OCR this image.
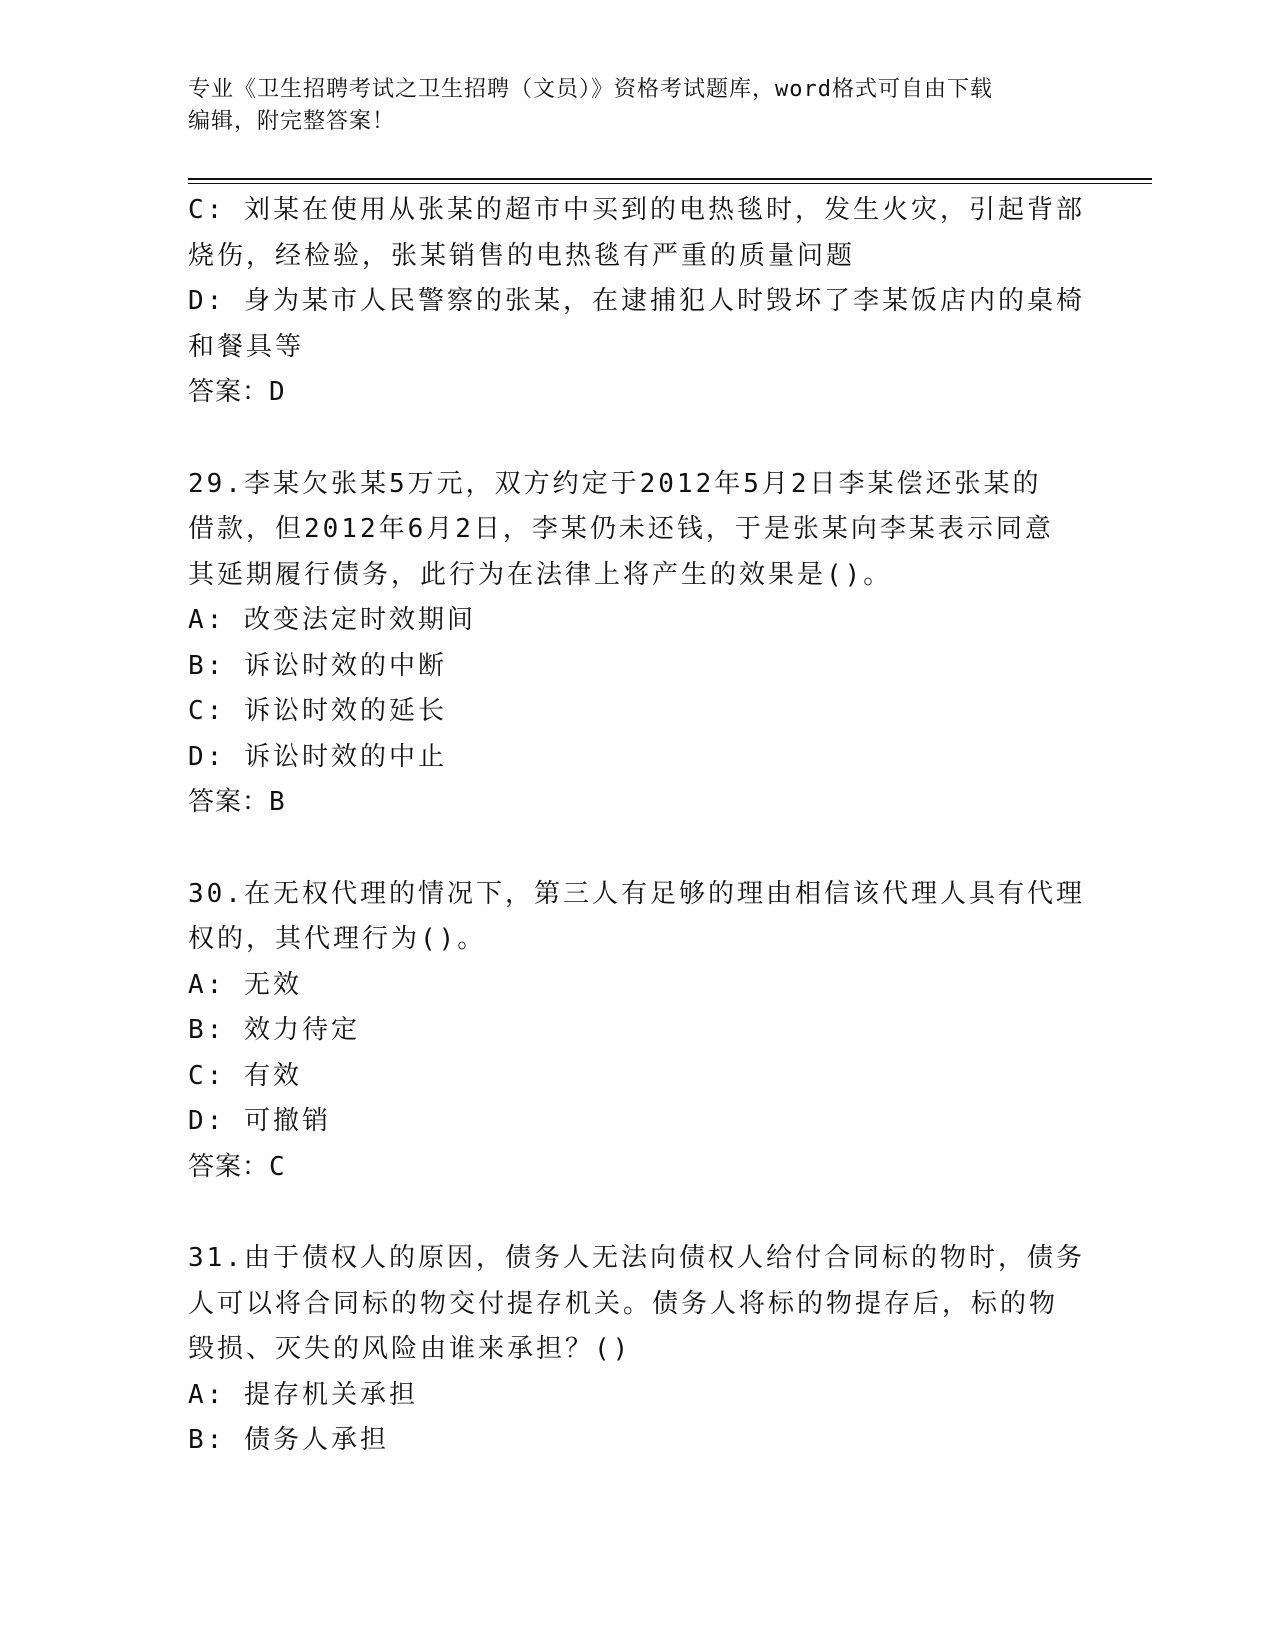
专业《卫生招聘考试之卫生招聘（文员）》资格考试题库，word格式可自由下载
编辑，附完整答案！
C: 刘某在使用从张某的超市中买到的电热毯时，发生火灾，引起背部
烧伤，经检验，张某销售的电热毯有严重的质量问题
D: 身为某市人民警察的张某，在逮捕犯人时毁坏了李某饭店内的桌椅
和餐具等
答案：D
29.李某欠张某5万元，双方约定于2012年5月2日李某偿还张某的
借款，但2012年6月2日，李某仍未还钱，于是张某向李某表示同意
其延期履行债务，此行为在法律上将产生的效果是()。
A: 改变法定时效期间
B: 诉讼时效的中断
C: 诉讼时效的延长
D: 诉讼时效的中止
答案：B
30.在无权代理的情况下，第三人有足够的理由相信该代理人具有代理
权的，其代理行为()。
A: 无效
B: 效力待定
C: 有效
D: 可撤销
答案：C
31.由于债权人的原因，债务人无法向债权人给付合同标的物时，债务
人可以将合同标的物交付提存机关。债务人将标的物提存后，标的物
毁损、灭失的风险由谁来承担？()
A: 提存机关承担
B: 债务人承担
